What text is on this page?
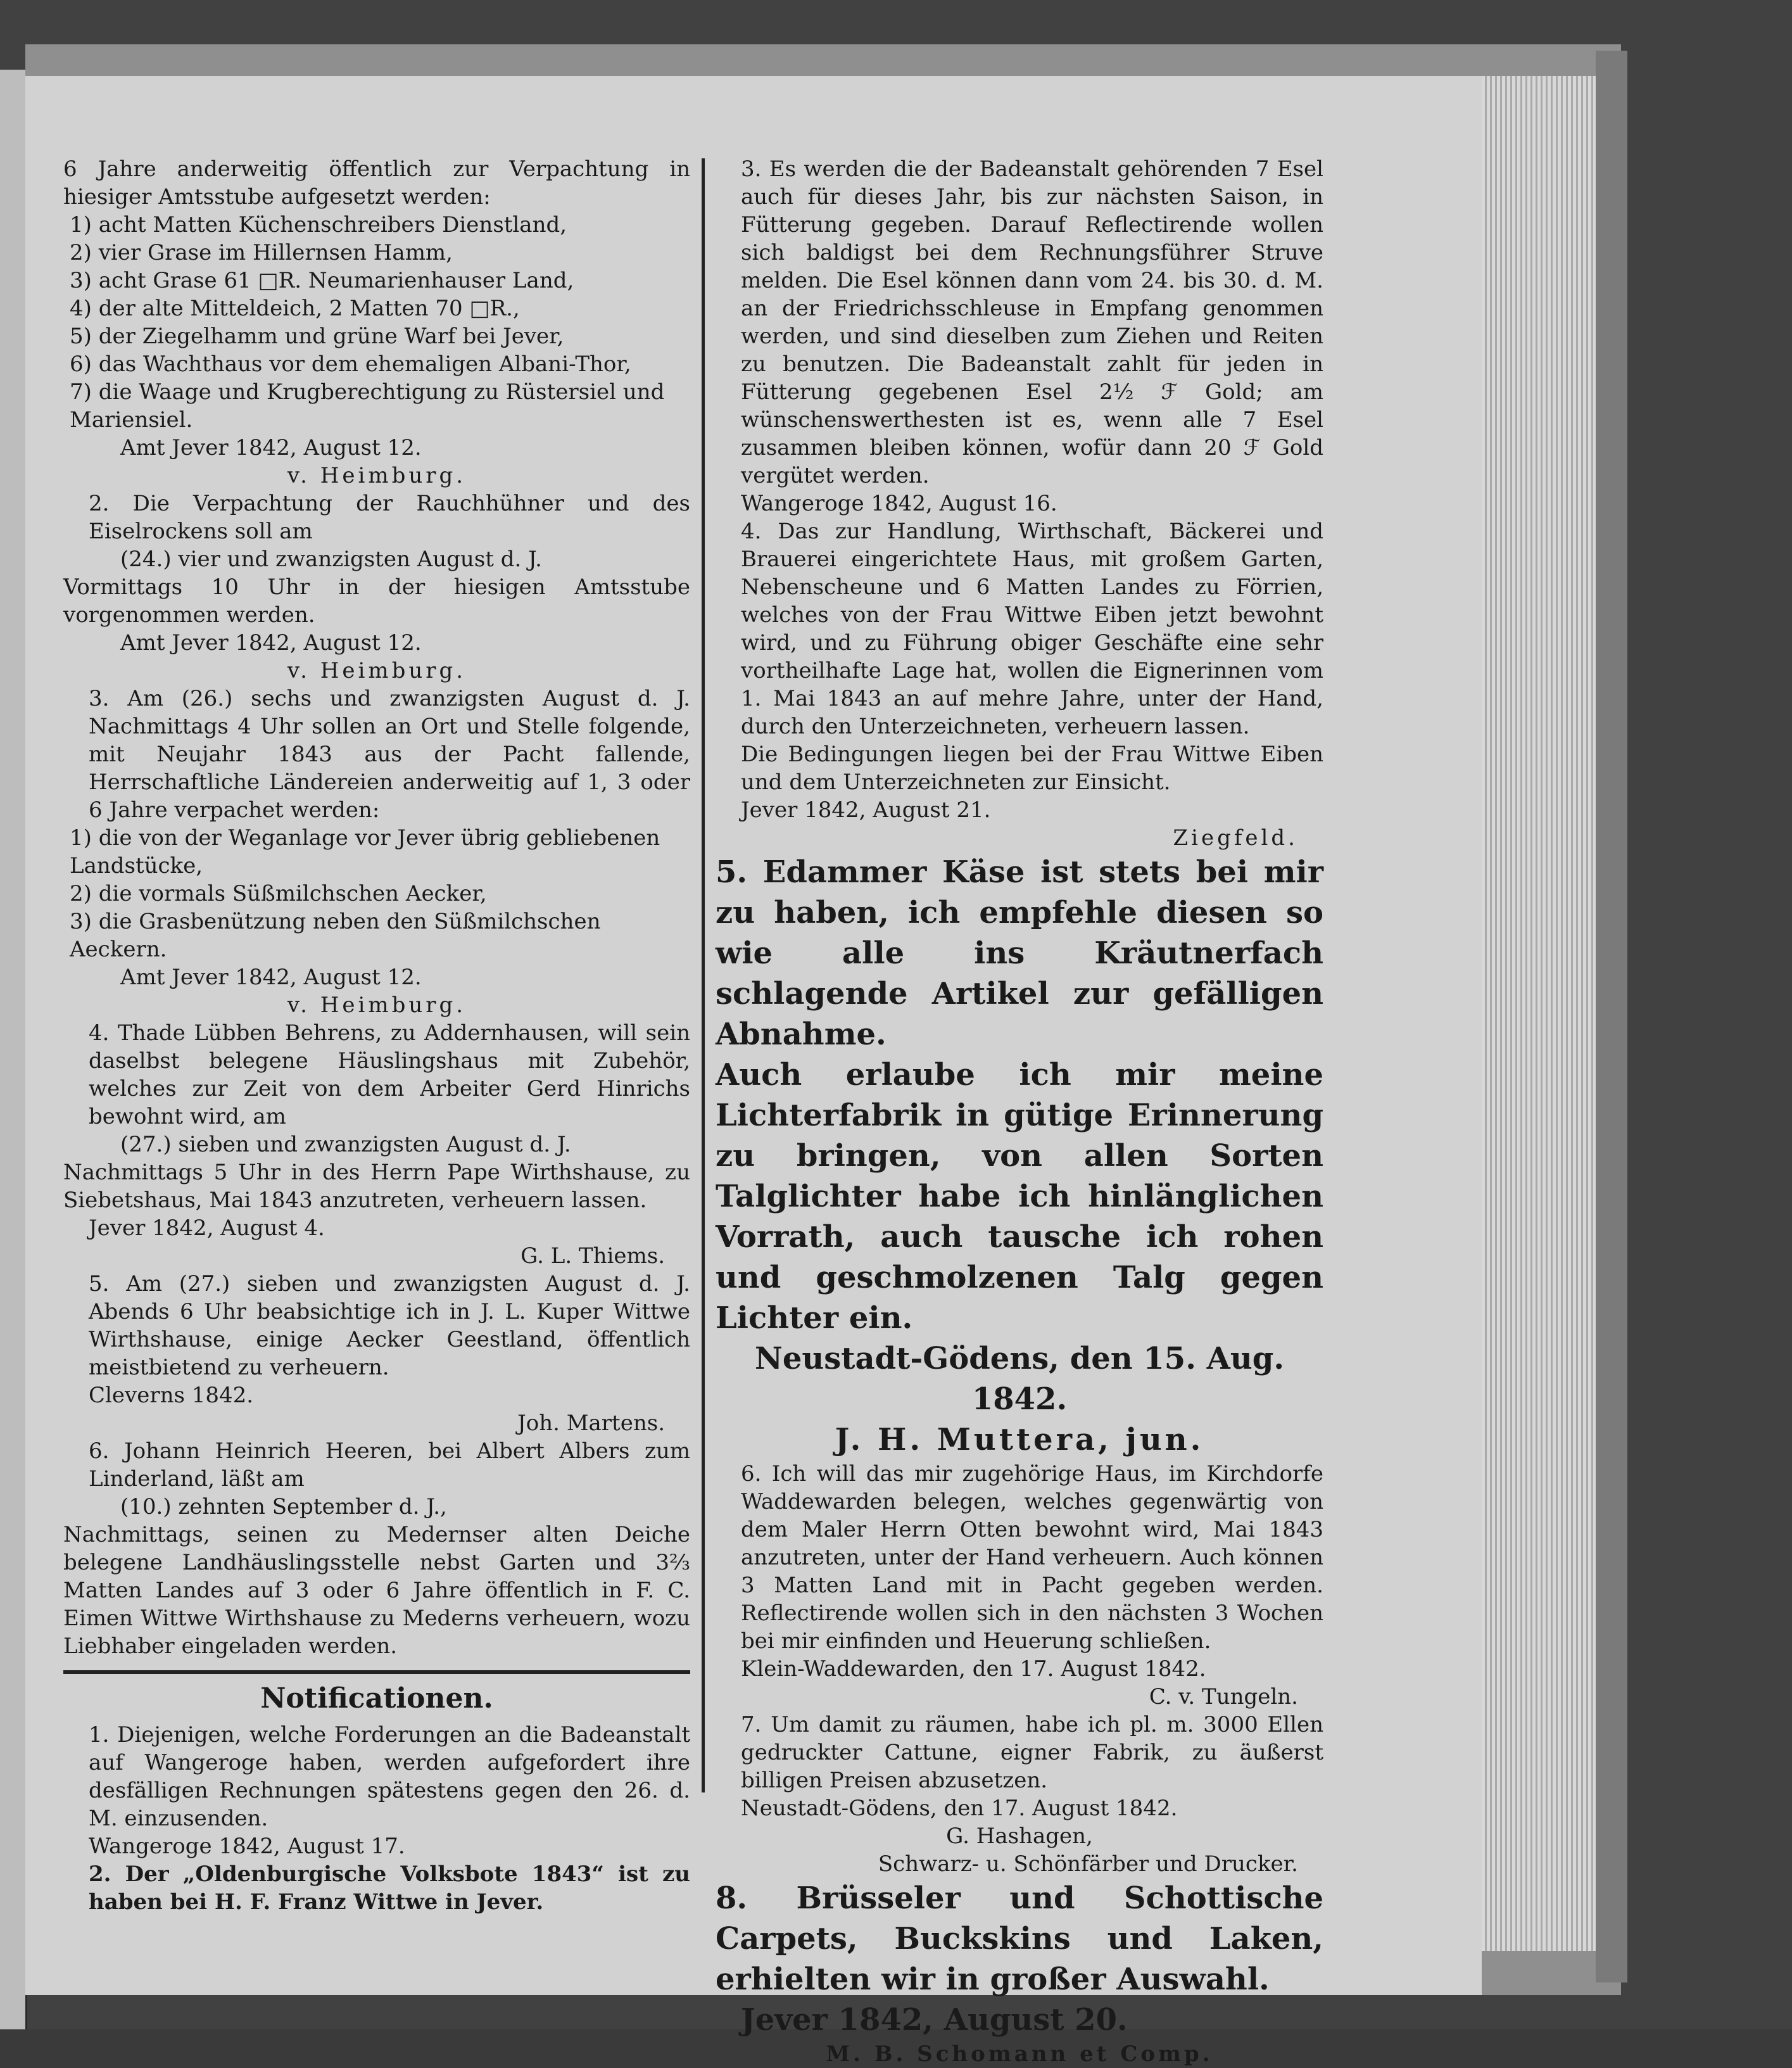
6 Jahre anderweitig öffentlich zur Verpachtung in hiesiger Amtsstube aufgesetzt werden:

1) acht Matten Küchenschreibers Dienstland,

2) vier Grase im Hillernsen Hamm,

3) acht Grase 61 □R. Neumarienhauser Land,

4) der alte Mitteldeich, 2 Matten 70 □R.,

5) der Ziegelhamm und grüne Warf bei Jever,

6) das Wachthaus vor dem ehemaligen Albani-Thor,

7) die Waage und Krugberechtigung zu Rüstersiel und Mariensiel.

Amt Jever 1842, August 12.

v. Heimburg.

2. Die Verpachtung der Rauchhühner und des Eiselrockens soll am

(24.) vier und zwanzigsten August d. J.

Vormittags 10 Uhr in der hiesigen Amtsstube vorgenommen werden.

Amt Jever 1842, August 12.

v. Heimburg.

3. Am (26.) sechs und zwanzigsten August d. J. Nachmittags 4 Uhr sollen an Ort und Stelle folgende, mit Neujahr 1843 aus der Pacht fallende, Herrschaftliche Ländereien anderweitig auf 1, 3 oder 6 Jahre verpachet werden:

1) die von der Weganlage vor Jever übrig gebliebenen Landstücke,

2) die vormals Süßmilchschen Aecker,

3) die Grasbenützung neben den Süßmilchschen Aeckern.

Amt Jever 1842, August 12.

v. Heimburg.

4. Thade Lübben Behrens, zu Addernhausen, will sein daselbst belegene Häuslingshaus mit Zubehör, welches zur Zeit von dem Arbeiter Gerd Hinrichs bewohnt wird, am

(27.) sieben und zwanzigsten August d. J.

Nachmittags 5 Uhr in des Herrn Pape Wirthshause, zu Siebetshaus, Mai 1843 anzutreten, verheuern lassen.

Jever 1842, August 4.

G. L. Thiems.

5. Am (27.) sieben und zwanzigsten August d. J. Abends 6 Uhr beabsichtige ich in J. L. Kuper Wittwe Wirthshause, einige Aecker Geestland, öffentlich meistbietend zu verheuern.

Cleverns 1842.

Joh. Martens.

6. Johann Heinrich Heeren, bei Albert Albers zum Linderland, läßt am

(10.) zehnten September d. J.,

Nachmittags, seinen zu Medernser alten Deiche belegene Landhäuslingsstelle nebst Garten und 3⅔ Matten Landes auf 3 oder 6 Jahre öffentlich in F. C. Eimen Wittwe Wirthshause zu Mederns verheuern, wozu Liebhaber eingeladen werden.

Notificationen.

1. Diejenigen, welche Forderungen an die Badeanstalt auf Wangeroge haben, werden aufgefordert ihre desfälligen Rechnungen spätestens gegen den 26. d. M. einzusenden.

Wangeroge 1842, August 17.

2. Der „Oldenburgische Volksbote 1843“ ist zu haben bei H. F. Franz Wittwe in Jever.

3. Es werden die der Badeanstalt gehörenden 7 Esel auch für dieses Jahr, bis zur nächsten Saison, in Fütterung gegeben. Darauf Reflectirende wollen sich baldigst bei dem Rechnungsführer Struve melden. Die Esel können dann vom 24. bis 30. d. M. an der Friedrichsschleuse in Empfang genommen werden, und sind dieselben zum Ziehen und Reiten zu benutzen. Die Badeanstalt zahlt für jeden in Fütterung gegebenen Esel 2½ ℱ Gold; am wünschenswerthesten ist es, wenn alle 7 Esel zusammen bleiben können, wofür dann 20 ℱ Gold vergütet werden.

Wangeroge 1842, August 16.

4. Das zur Handlung, Wirthschaft, Bäckerei und Brauerei eingerichtete Haus, mit großem Garten, Nebenscheune und 6 Matten Landes zu Förrien, welches von der Frau Wittwe Eiben jetzt bewohnt wird, und zu Führung obiger Geschäfte eine sehr vortheilhafte Lage hat, wollen die Eignerinnen vom 1. Mai 1843 an auf mehre Jahre, unter der Hand, durch den Unterzeichneten, verheuern lassen.

Die Bedingungen liegen bei der Frau Wittwe Eiben und dem Unterzeichneten zur Einsicht.

Jever 1842, August 21.

Ziegfeld.

5. Edammer Käse ist stets bei mir zu haben, ich empfehle diesen so wie alle ins Kräutnerfach schlagende Artikel zur gefälligen Abnahme.

Auch erlaube ich mir meine Lichterfabrik in gütige Erinnerung zu bringen, von allen Sorten Talglichter habe ich hinlänglichen Vorrath, auch tausche ich rohen und geschmolzenen Talg gegen Lichter ein.

Neustadt-Gödens, den 15. Aug. 1842.

J. H. Muttera, jun.

6. Ich will das mir zugehörige Haus, im Kirchdorfe Waddewarden belegen, welches gegenwärtig von dem Maler Herrn Otten bewohnt wird, Mai 1843 anzutreten, unter der Hand verheuern. Auch können 3 Matten Land mit in Pacht gegeben werden. Reflectirende wollen sich in den nächsten 3 Wochen bei mir einfinden und Heuerung schließen.

Klein-Waddewarden, den 17. August 1842.

C. v. Tungeln.

7. Um damit zu räumen, habe ich pl. m. 3000 Ellen gedruckter Cattune, eigner Fabrik, zu äußerst billigen Preisen abzusetzen.

Neustadt-Gödens, den 17. August 1842.

G. Hashagen,

Schwarz- u. Schönfärber und Drucker.

8. Brüsseler und Schottische Carpets, Buckskins und Laken, erhielten wir in großer Auswahl.

Jever 1842, August 20.

M. B. Schomann et Comp.
